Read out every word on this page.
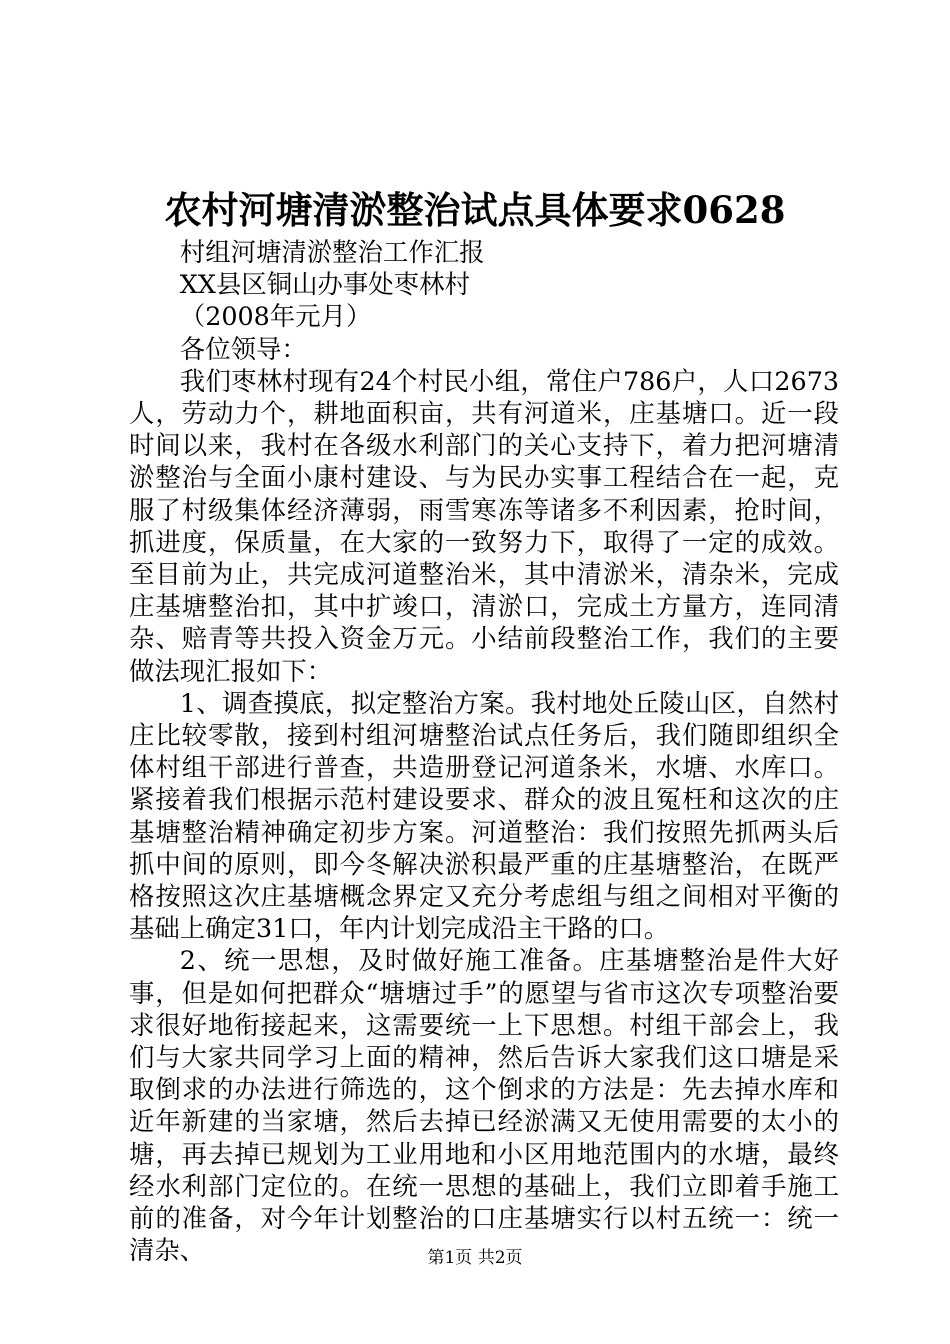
农村河塘清淤整治试点具体要求0628

村组河塘清淤整治工作汇报

XX县区铜山办事处枣林村

（2008年元月）

各位领导：

我们枣林村现有24个村民小组，常住户786户，人口2673人，劳动力个，耕地面积亩，共有河道米，庄基塘口。近一段时间以来，我村在各级水利部门的关心支持下，着力把河塘清淤整治与全面小康村建设、与为民办实事工程结合在一起，克服了村级集体经济薄弱，雨雪寒冻等诸多不利因素，抢时间，抓进度，保质量，在大家的一致努力下，取得了一定的成效。至目前为止，共完成河道整治米，其中清淤米，清杂米，完成庄基塘整治扣，其中扩竣口，清淤口，完成土方量方，连同清杂、赔青等共投入资金万元。小结前段整治工作，我们的主要做法现汇报如下：

1、调查摸底，拟定整治方案。我村地处丘陵山区，自然村庄比较零散，接到村组河塘整治试点任务后，我们随即组织全体村组干部进行普查，共造册登记河道条米，水塘、水库口。紧接着我们根据示范村建设要求、群众的波且冤枉和这次的庄基塘整治精神确定初步方案。河道整治：我们按照先抓两头后抓中间的原则，即今冬解决淤积最严重的庄基塘整治，在既严格按照这次庄基塘概念界定又充分考虑组与组之间相对平衡的基础上确定31口，年内计划完成沿主干路的口。

2、统一思想，及时做好施工准备。庄基塘整治是件大好事，但是如何把群众“塘塘过手”的愿望与省市这次专项整治要求很好地衔接起来，这需要统一上下思想。村组干部会上，我们与大家共同学习上面的精神，然后告诉大家我们这口塘是采取倒求的办法进行筛选的，这个倒求的方法是：先去掉水库和近年新建的当家塘，然后去掉已经淤满又无使用需要的太小的塘，再去掉已规划为工业用地和小区用地范围内的水塘，最终经水利部门定位的。在统一思想的基础上，我们立即着手施工前的准备，对今年计划整治的口庄基塘实行以村五统一：统一清杂、	第1页 共2页
